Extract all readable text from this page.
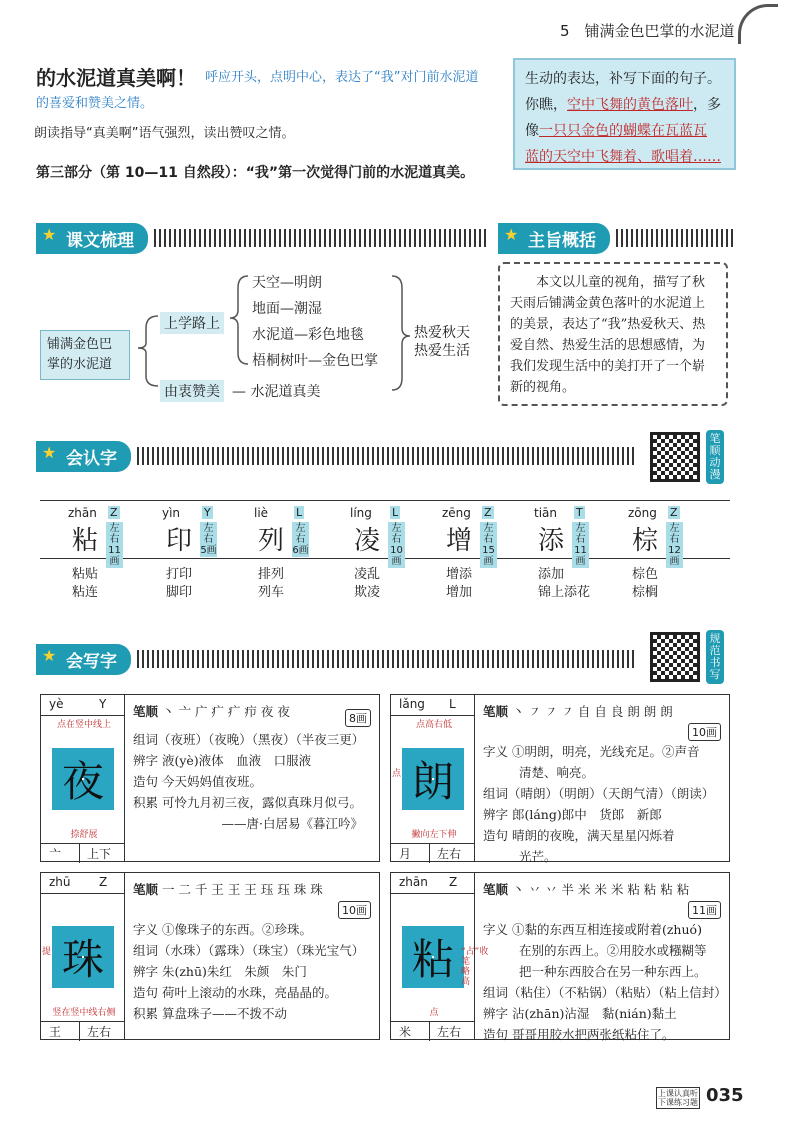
5　铺满金色巴掌的水泥道
的水泥道真美啊！ 呼应开头，点明中心，表达了“我”对门前水泥道
的喜爱和赞美之情。
朗读指导“真美啊”语气强烈，读出赞叹之情。
第三部分（第 10—11 自然段）：“我”第一次觉得门前的水泥道真美。
生动的表达，补写下面的句子。
你瞧，空中飞舞的黄色落叶，多
像一只只金色的蝴蝶在瓦蓝瓦
蓝的天空中飞舞着、歌唱着……
★ 课文梳理	★ 主旨概括
铺满金色巴掌的水泥道
上学路上
由衷赞美 — 水泥道真美
天空—明朗
地面—潮湿
水泥道—彩色地毯
梧桐树叶—金色巴掌
热爱秋天
热爱生活
本文以儿童的视角，描写了秋天雨后铺满金黄色落叶的水泥道上的美景，表达了“我”热爱秋天、热爱自然、热爱生活的思想感情，为我们发现生活中的美打开了一个崭新的视角。
★ 会认字
笔顺动漫
zhān Z
粘	左右
11画
粘贴
粘连
yìn Y
印	左右
5画
打印
脚印
liè	L
列	左右
6画
排列
列车
líng L
凌	左右
10画
凌乱
欺凌
zēng Z
增	左右
15画
增添
增加
tiān T
添	左右
11画
添加
锦上添花
zōng Z
棕	左右
12画
棕色
棕榈
★ 会写字
规范书写
yè	Y
点在竖中线上
夜
捺舒展
亠 上下
笔顺 丶 亠 广 疒 疒 疖 夜 夜	8画
组词（夜班）（夜晚）（黑夜）（半夜三更）
辨字 液(yè)液体　血液　口服液
造句 今天妈妈值夜班。
积累 可怜九月初三夜，露似真珠月似弓。
——唐·白居易《暮江吟》
lǎng L
点高右低
朗
撇向左下伸
点
月 左右
笔顺 丶 ㇇ ㇇ ㇇ 自 自 良 朗 朗 朗
10画
字义 ①明朗，明亮，光线充足。②声音
清楚、响亮。
组词（晴朗）（明朗）（天朗气清）（朗读）
辨字 郎(láng)郎中　货郎　新郎
造句 晴朗的夜晚，满天星星闪烁着
光芒。
zhū Z
珠
竖在竖中线右侧
提
王 左右
笔顺 一 二 千 王 王 王 珏 珏 珠 珠
10画
字义 ①像珠子的东西。②珍珠。
组词（水珠）（露珠）（珠宝）（珠光宝气）
辨字 朱(zhū)朱红　朱颜　朱门
造句 荷叶上滚动的水珠，亮晶晶的。
积累 算盘珠子——不拨不动
zhān Z
粘
点
“占”收笔略高
米 左右
笔顺 丶 丷 丷 半 米 米 米 粘 粘 粘 粘
11画
字义 ①黏的东西互相连接或附着(zhuó)
在别的东西上。②用胶水或糨糊等
把一种东西胶合在另一种东西上。
组词（粘住）（不粘锅）（粘贴）（粘上信封）
辨字 沾(zhān)沾湿　黏(nián)黏土
造句 哥哥用胶水把两张纸粘住了。
上课认真听
下课练习题 035
